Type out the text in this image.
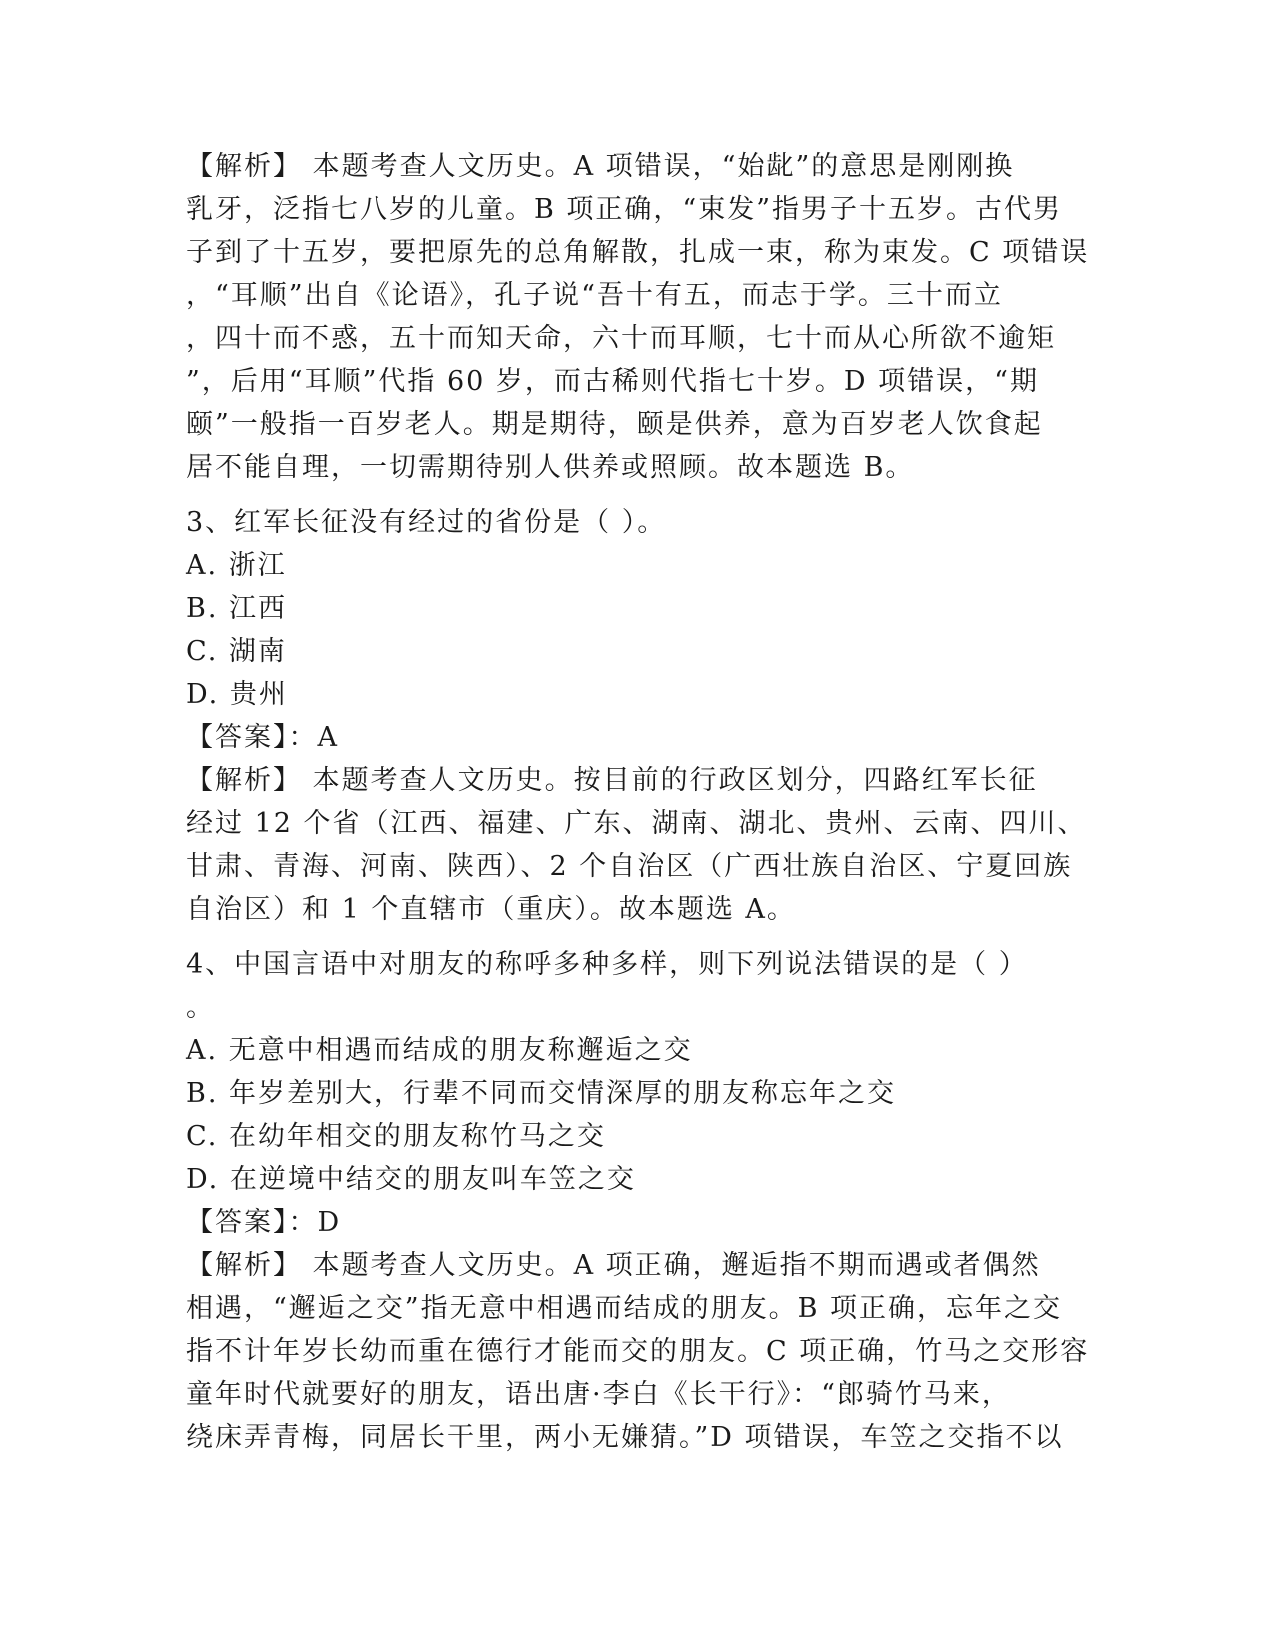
【解析】 本题考查人文历史。A 项错误，“始龀”的意思是刚刚换
乳牙，泛指七八岁的儿童。B 项正确，“束发”指男子十五岁。古代男
子到了十五岁，要把原先的总角解散，扎成一束，称为束发。C 项错误
，“耳顺”出自《论语》，孔子说“吾十有五，而志于学。三十而立
，四十而不惑，五十而知天命，六十而耳顺，七十而从心所欲不逾矩
”，后用“耳顺”代指 60 岁，而古稀则代指七十岁。D 项错误，“期
颐”一般指一百岁老人。期是期待，颐是供养，意为百岁老人饮食起
居不能自理，一切需期待别人供养或照顾。故本题选 B。
3、红军长征没有经过的省份是（ ）。
A. 浙江
B. 江西
C. 湖南
D. 贵州
【答案】：A
【解析】 本题考查人文历史。按目前的行政区划分，四路红军长征
经过 12 个省（江西、福建、广东、湖南、湖北、贵州、云南、四川、
甘肃、青海、河南、陕西）、2 个自治区（广西壮族自治区、宁夏回族
自治区）和 1 个直辖市（重庆）。故本题选 A。
4、中国言语中对朋友的称呼多种多样，则下列说法错误的是（ ）
。
A. 无意中相遇而结成的朋友称邂逅之交
B. 年岁差别大，行辈不同而交情深厚的朋友称忘年之交
C. 在幼年相交的朋友称竹马之交
D. 在逆境中结交的朋友叫车笠之交
【答案】：D
【解析】 本题考查人文历史。A 项正确，邂逅指不期而遇或者偶然
相遇，“邂逅之交”指无意中相遇而结成的朋友。B 项正确，忘年之交
指不计年岁长幼而重在德行才能而交的朋友。C 项正确，竹马之交形容
童年时代就要好的朋友，语出唐·李白《长干行》：“郎骑竹马来，
绕床弄青梅，同居长干里，两小无嫌猜。”D 项错误，车笠之交指不以
